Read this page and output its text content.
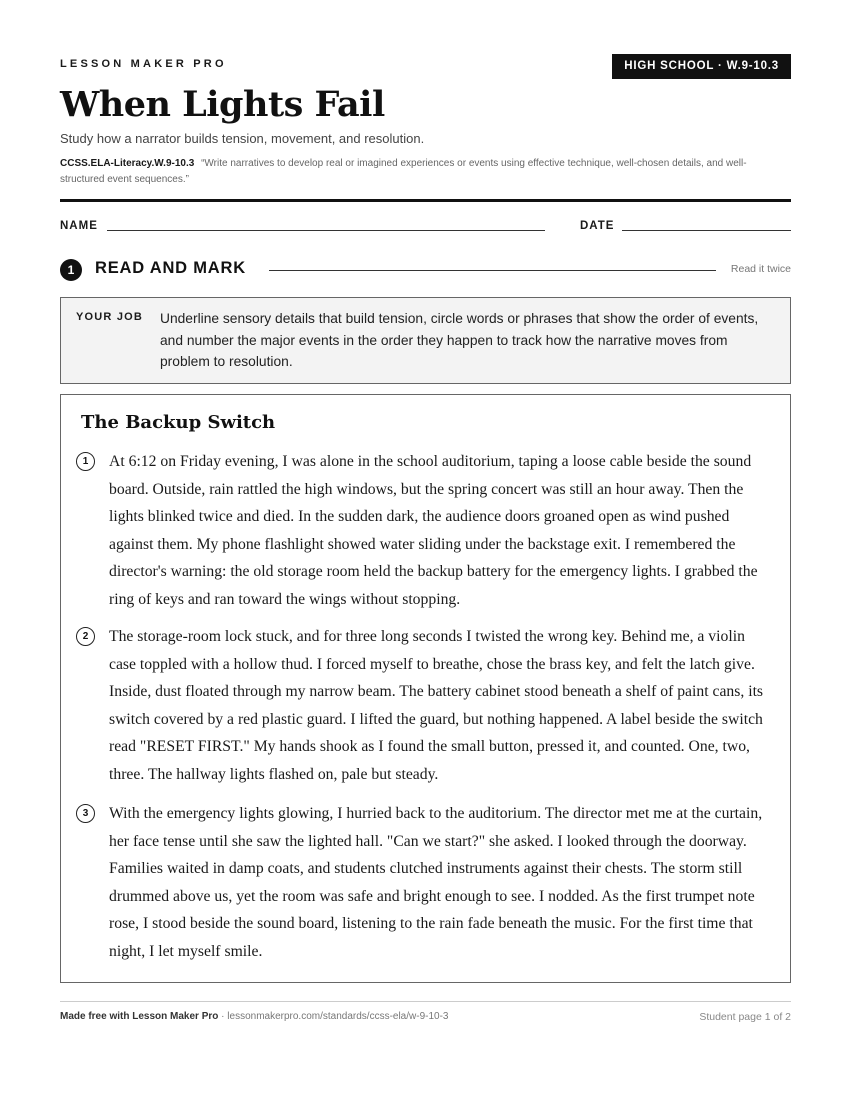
LESSON MAKER PRO	HIGH SCHOOL · W.9-10.3
When Lights Fail
Study how a narrator builds tension, movement, and resolution.
CCSS.ELA-Literacy.W.9-10.3 “Write narratives to develop real or imagined experiences or events using effective technique, well-chosen details, and well-structured event sequences.”
NAME	DATE
1	READ AND MARK	Read it twice
YOUR JOB Underline sensory details that build tension, circle words or phrases that show the order of events, and number the major events in the order they happen to track how the narrative moves from problem to resolution.
The Backup Switch
1	At 6:12 on Friday evening, I was alone in the school auditorium, taping a loose cable beside the sound board. Outside, rain rattled the high windows, but the spring concert was still an hour away. Then the lights blinked twice and died. In the sudden dark, the audience doors groaned open as wind pushed against them. My phone flashlight showed water sliding under the backstage exit. I remembered the director's warning: the old storage room held the backup battery for the emergency lights. I grabbed the ring of keys and ran toward the wings without stopping.

2	The storage-room lock stuck, and for three long seconds I twisted the wrong key. Behind me, a violin case toppled with a hollow thud. I forced myself to breathe, chose the brass key, and felt the latch give. Inside, dust floated through my narrow beam. The battery cabinet stood beneath a shelf of paint cans, its switch covered by a red plastic guard. I lifted the guard, but nothing happened. A label beside the switch read "RESET FIRST." My hands shook as I found the small button, pressed it, and counted. One, two, three. The hallway lights flashed on, pale but steady.

3	With the emergency lights glowing, I hurried back to the auditorium. The director met me at the curtain, her face tense until she saw the lighted hall. "Can we start?" she asked. I looked through the doorway. Families waited in damp coats, and students clutched instruments against their chests. The storm still drummed above us, yet the room was safe and bright enough to see. I nodded. As the first trumpet note rose, I stood beside the sound board, listening to the rain fade beneath the music. For the first time that night, I let myself smile.

Made free with Lesson Maker Pro · lessonmakerpro.com/standards/ccss-ela/w-9-10-3	Student page 1 of 2
